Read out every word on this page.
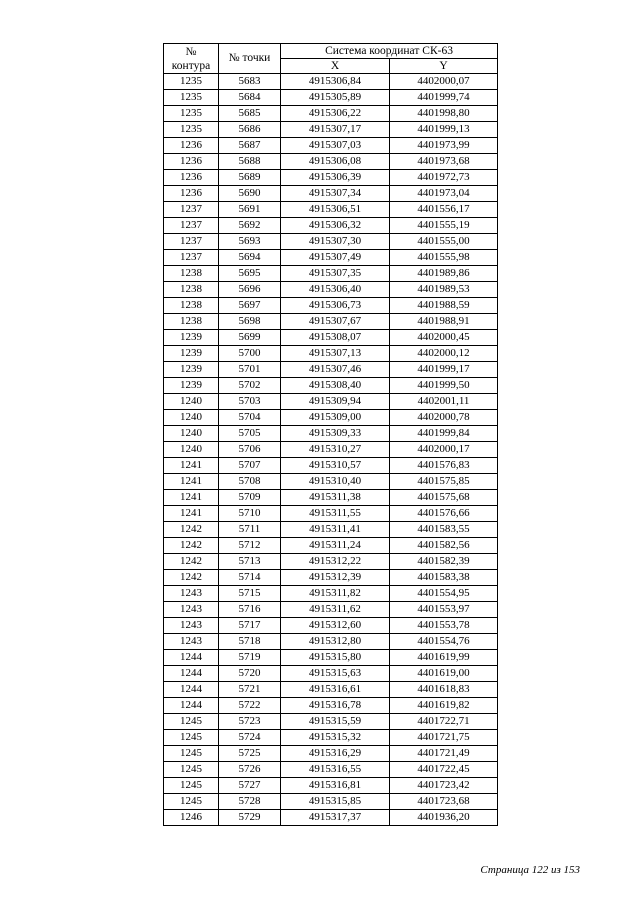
№
контура	№ точки	Система координат СК-63	
		X	Y
1235	5683	4915306,84	4402000,07
1235	5684	4915305,89	4401999,74
1235	5685	4915306,22	4401998,80
1235	5686	4915307,17	4401999,13
1236	5687	4915307,03	4401973,99
1236	5688	4915306,08	4401973,68
1236	5689	4915306,39	4401972,73
1236	5690	4915307,34	4401973,04
1237	5691	4915306,51	4401556,17
1237	5692	4915306,32	4401555,19
1237	5693	4915307,30	4401555,00
1237	5694	4915307,49	4401555,98
1238	5695	4915307,35	4401989,86
1238	5696	4915306,40	4401989,53
1238	5697	4915306,73	4401988,59
1238	5698	4915307,67	4401988,91
1239	5699	4915308,07	4402000,45
1239	5700	4915307,13	4402000,12
1239	5701	4915307,46	4401999,17
1239	5702	4915308,40	4401999,50
1240	5703	4915309,94	4402001,11
1240	5704	4915309,00	4402000,78
1240	5705	4915309,33	4401999,84
1240	5706	4915310,27	4402000,17
1241	5707	4915310,57	4401576,83
1241	5708	4915310,40	4401575,85
1241	5709	4915311,38	4401575,68
1241	5710	4915311,55	4401576,66
1242	5711	4915311,41	4401583,55
1242	5712	4915311,24	4401582,56
1242	5713	4915312,22	4401582,39
1242	5714	4915312,39	4401583,38
1243	5715	4915311,82	4401554,95
1243	5716	4915311,62	4401553,97
1243	5717	4915312,60	4401553,78
1243	5718	4915312,80	4401554,76
1244	5719	4915315,80	4401619,99
1244	5720	4915315,63	4401619,00
1244	5721	4915316,61	4401618,83
1244	5722	4915316,78	4401619,82
1245	5723	4915315,59	4401722,71
1245	5724	4915315,32	4401721,75
1245	5725	4915316,29	4401721,49
1245	5726	4915316,55	4401722,45
1245	5727	4915316,81	4401723,42
1245	5728	4915315,85	4401723,68
1246	5729	4915317,37	4401936,20
Страница 122 из 153
